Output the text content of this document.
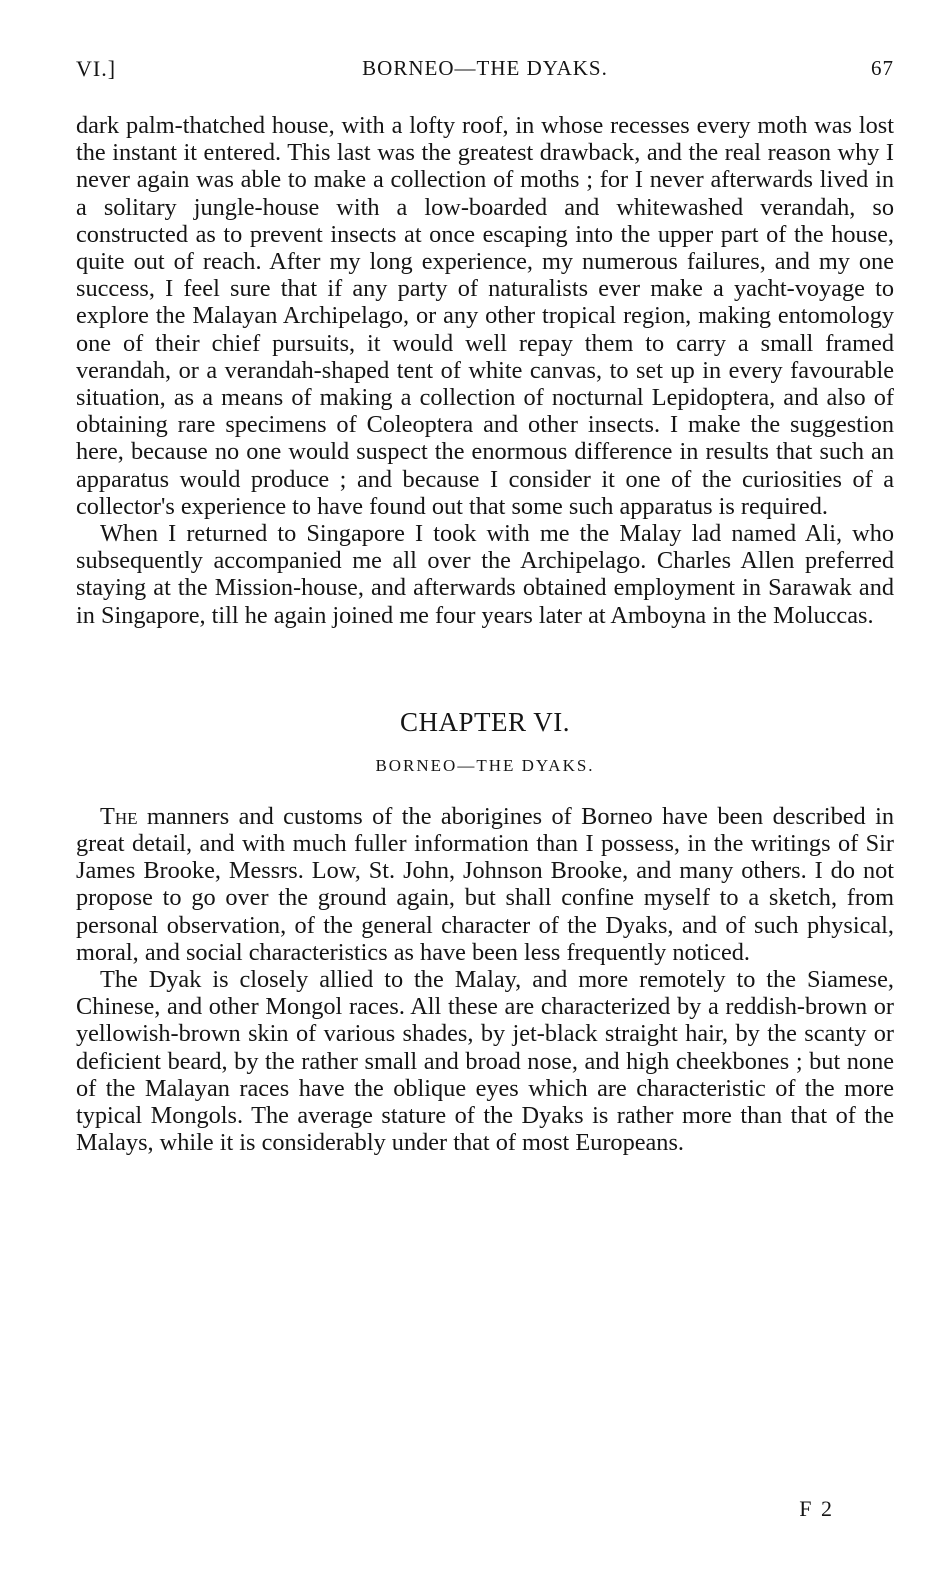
VI.]	BORNEO—THE DYAKS.	67

dark palm-thatched house, with a lofty roof, in whose recesses every moth was lost the instant it entered. This last was the greatest drawback, and the real reason why I never again was able to make a collection of moths ; for I never afterwards lived in a solitary jungle-house with a low-boarded and whitewashed verandah, so constructed as to prevent insects at once escaping into the upper part of the house, quite out of reach. After my long experience, my numerous failures, and my one success, I feel sure that if any party of naturalists ever make a yacht-voyage to explore the Malayan Archipelago, or any other tropical region, making entomology one of their chief pursuits, it would well repay them to carry a small framed verandah, or a verandah-shaped tent of white canvas, to set up in every favourable situation, as a means of making a collection of nocturnal Lepidoptera, and also of obtaining rare specimens of Coleoptera and other insects. I make the suggestion here, because no one would suspect the enormous difference in results that such an apparatus would produce ; and because I consider it one of the curiosities of a collector's experience to have found out that some such apparatus is required.

When I returned to Singapore I took with me the Malay lad named Ali, who subsequently accompanied me all over the Archipelago. Charles Allen preferred staying at the Mission-house, and afterwards obtained employment in Sarawak and in Singapore, till he again joined me four years later at Amboyna in the Moluccas.

CHAPTER VI.
BORNEO—THE DYAKS.

The manners and customs of the aborigines of Borneo have been described in great detail, and with much fuller information than I possess, in the writings of Sir James Brooke, Messrs. Low, St. John, Johnson Brooke, and many others. I do not propose to go over the ground again, but shall confine myself to a sketch, from personal observation, of the general character of the Dyaks, and of such physical, moral, and social characteristics as have been less frequently noticed.

The Dyak is closely allied to the Malay, and more remotely to the Siamese, Chinese, and other Mongol races. All these are characterized by a reddish-brown or yellowish-brown skin of various shades, by jet-black straight hair, by the scanty or deficient beard, by the rather small and broad nose, and high cheekbones ; but none of the Malayan races have the oblique eyes which are characteristic of the more typical Mongols. The average stature of the Dyaks is rather more than that of the Malays, while it is considerably under that of most Europeans.

F 2
